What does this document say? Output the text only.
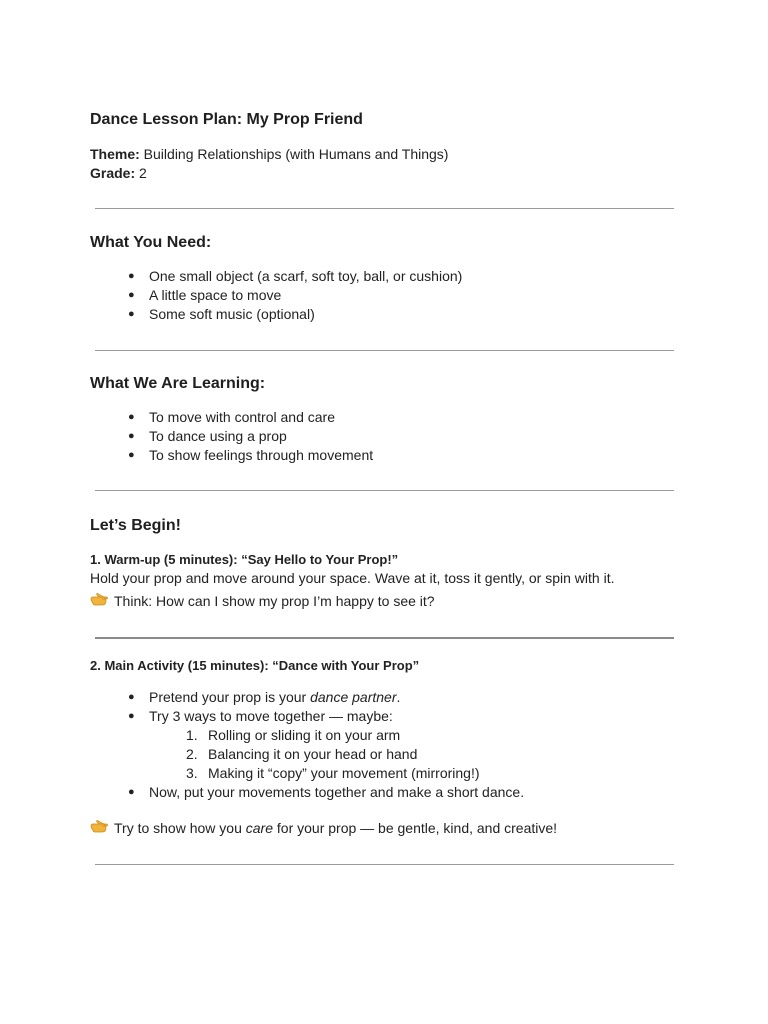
Dance Lesson Plan: My Prop Friend
Theme: Building Relationships (with Humans and Things)
Grade: 2
What You Need:
● One small object (a scarf, soft toy, ball, or cushion)
● A little space to move
● Some soft music (optional)
What We Are Learning:
● To move with control and care
● To dance using a prop
● To show feelings through movement
Let’s Begin!
1. Warm-up (5 minutes): “Say Hello to Your Prop!”
Hold your prop and move around your space. Wave at it, toss it gently, or spin with it.
Think: How can I show my prop I’m happy to see it?
2. Main Activity (15 minutes): “Dance with Your Prop”
● Pretend your prop is your dance partner.
● Try 3 ways to move together — maybe:
1. Rolling or sliding it on your arm
2. Balancing it on your head or hand
3. Making it “copy” your movement (mirroring!)
● Now, put your movements together and make a short dance.
Try to show how you care for your prop — be gentle, kind, and creative!
